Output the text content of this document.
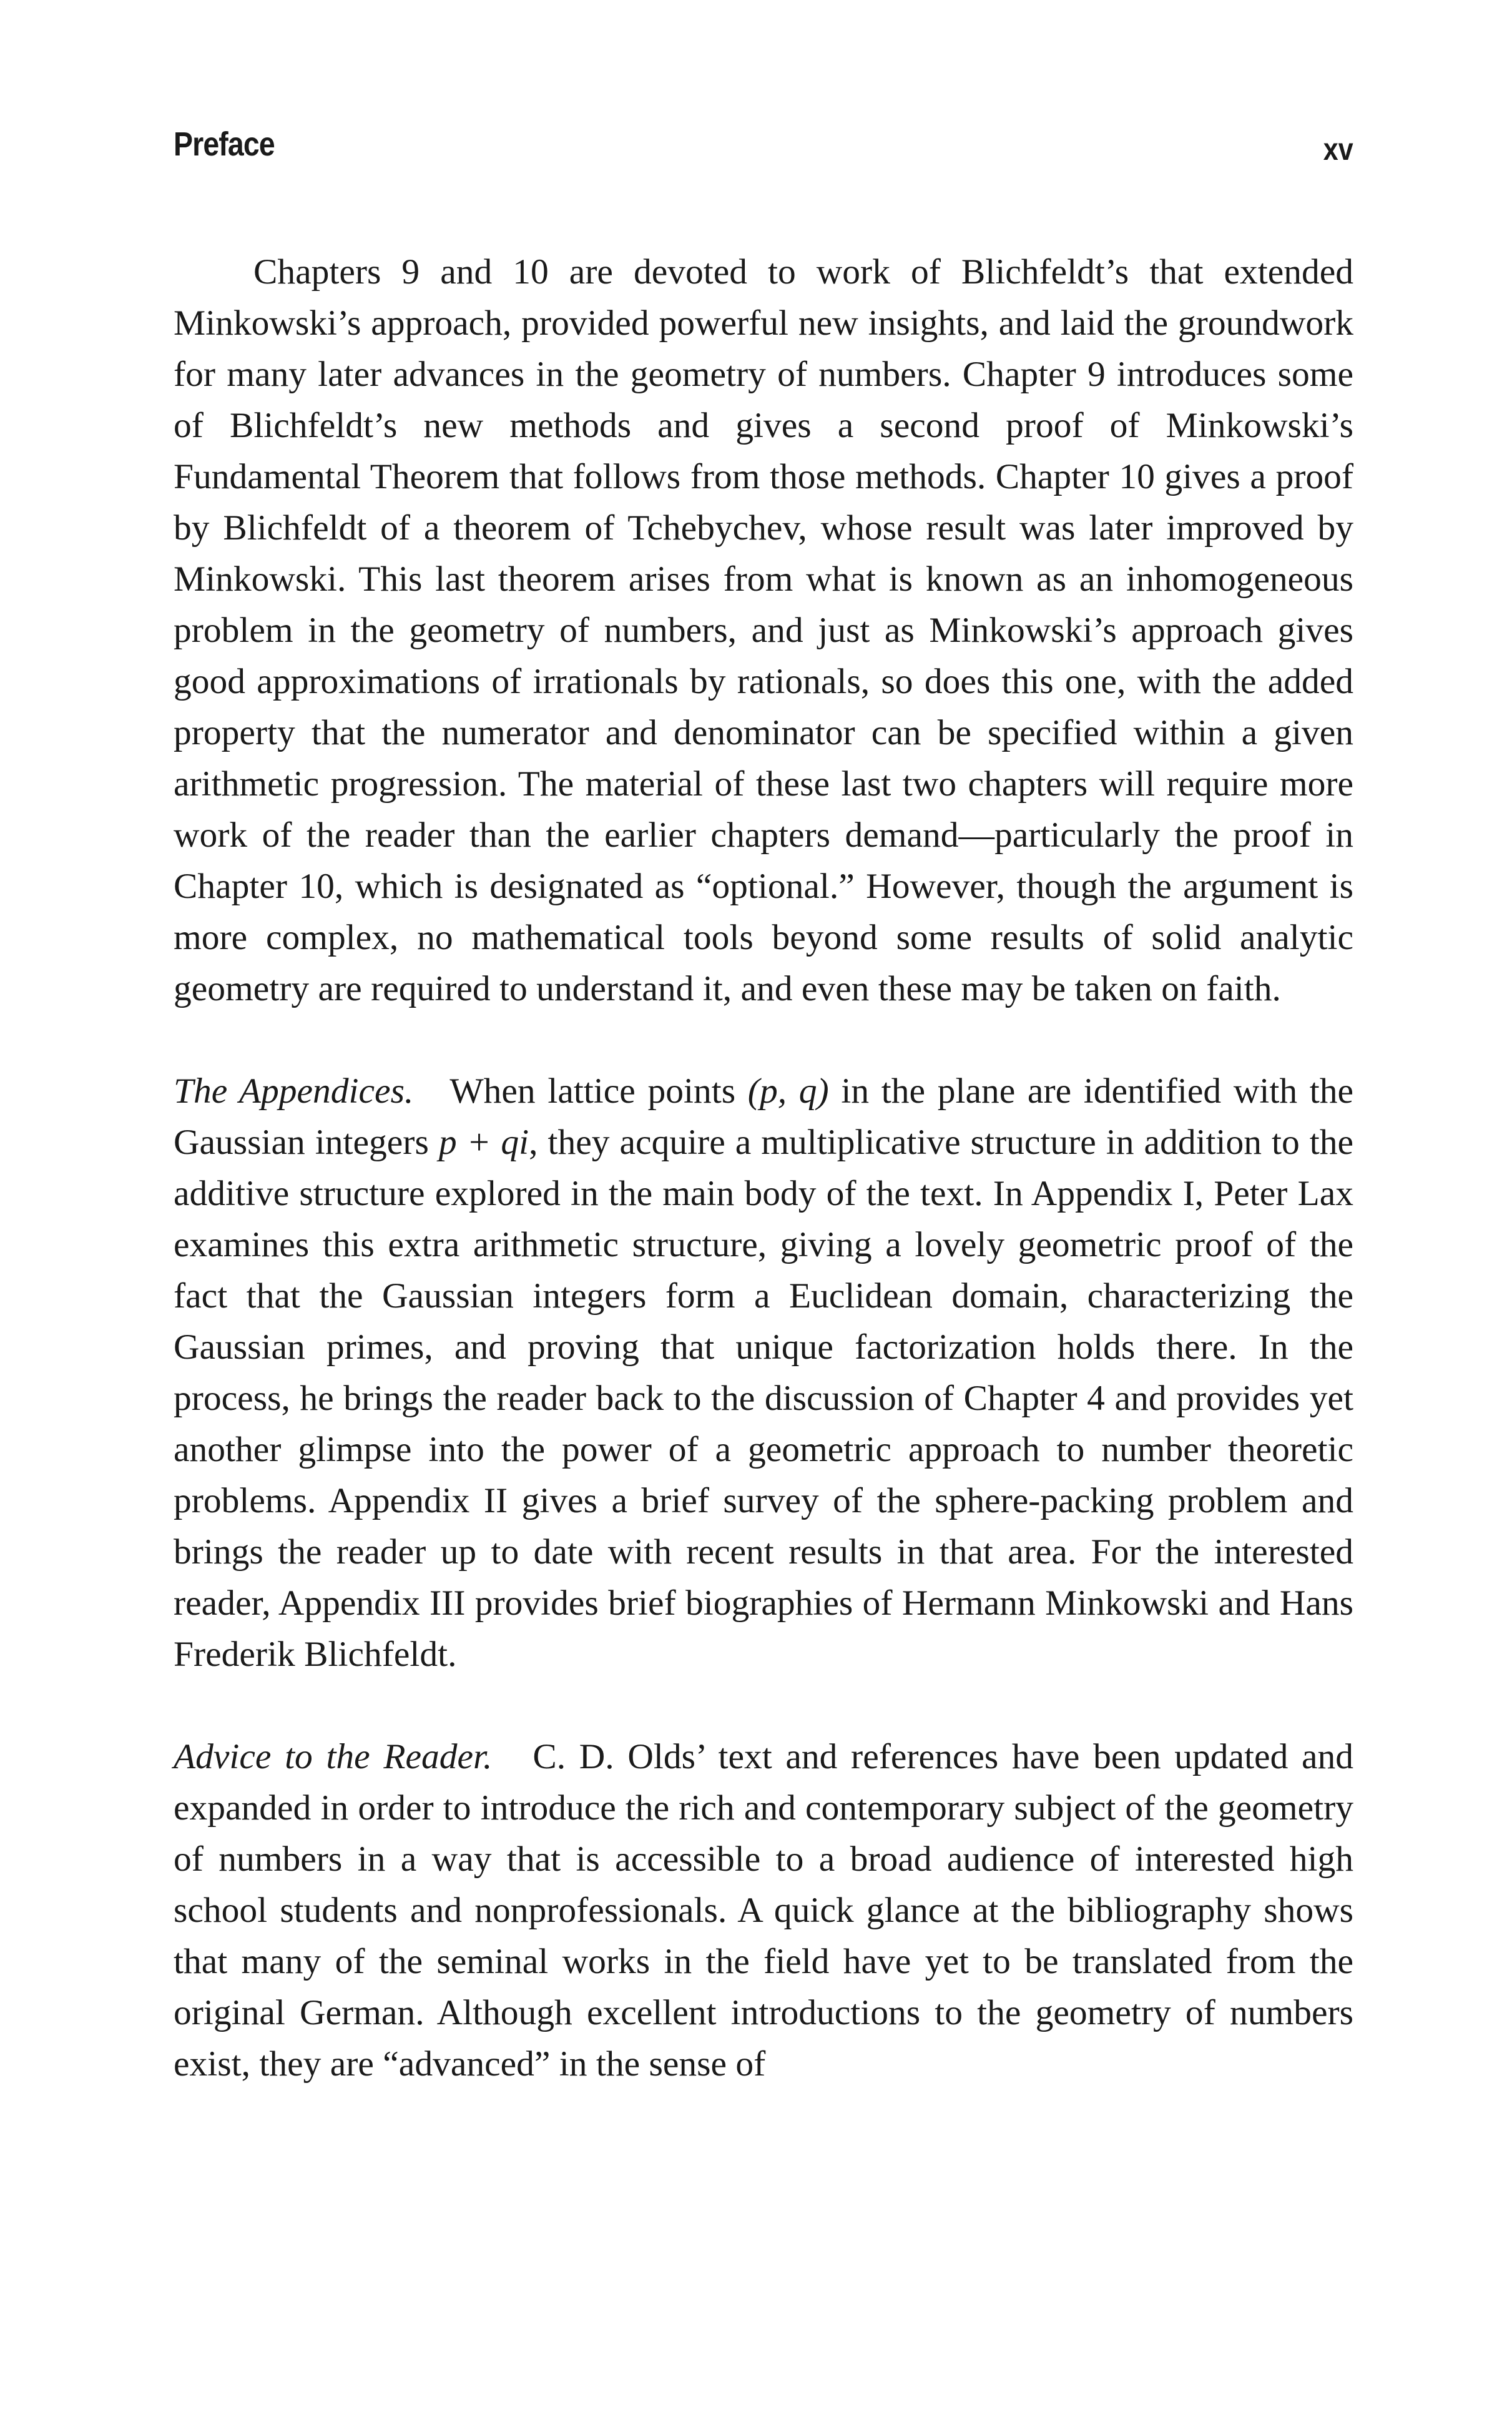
Preface	xv

Chapters 9 and 10 are devoted to work of Blichfeldt’s that extended Minkowski’s approach, provided powerful new insights, and laid the groundwork for many later advances in the geometry of numbers. Chapter 9 introduces some of Blichfeldt’s new methods and gives a second proof of Minkowski’s Fundamental Theorem that follows from those methods. Chapter 10 gives a proof by Blichfeldt of a theorem of Tchebychev, whose result was later improved by Minkowski. This last theorem arises from what is known as an inhomogeneous problem in the geometry of numbers, and just as Minkowski’s approach gives good approximations of irrationals by rationals, so does this one, with the added property that the numerator and denominator can be specified within a given arithmetic progression. The material of these last two chapters will require more work of the reader than the earlier chapters demand—particularly the proof in Chapter 10, which is designated as “optional.” However, though the argument is more complex, no mathematical tools beyond some results of solid analytic geometry are required to understand it, and even these may be taken on faith.

The Appendices. When lattice points (p, q) in the plane are identified with the Gaussian integers p + qi, they acquire a multiplicative structure in addition to the additive structure explored in the main body of the text. In Appendix I, Peter Lax examines this extra arithmetic structure, giving a lovely geometric proof of the fact that the Gaussian integers form a Euclidean domain, characterizing the Gaussian primes, and proving that unique factorization holds there. In the process, he brings the reader back to the discussion of Chapter 4 and provides yet another glimpse into the power of a geometric approach to number theoretic problems. Appendix II gives a brief survey of the sphere-packing problem and brings the reader up to date with recent results in that area. For the interested reader, Appendix III provides brief biographies of Hermann Minkowski and Hans Frederik Blichfeldt.

Advice to the Reader. C. D. Olds’ text and references have been updated and expanded in order to introduce the rich and contemporary subject of the geometry of numbers in a way that is accessible to a broad audience of interested high school students and nonprofessionals. A quick glance at the bibliography shows that many of the seminal works in the field have yet to be translated from the original German. Although excellent introductions to the geometry of numbers exist, they are “advanced” in the sense of
